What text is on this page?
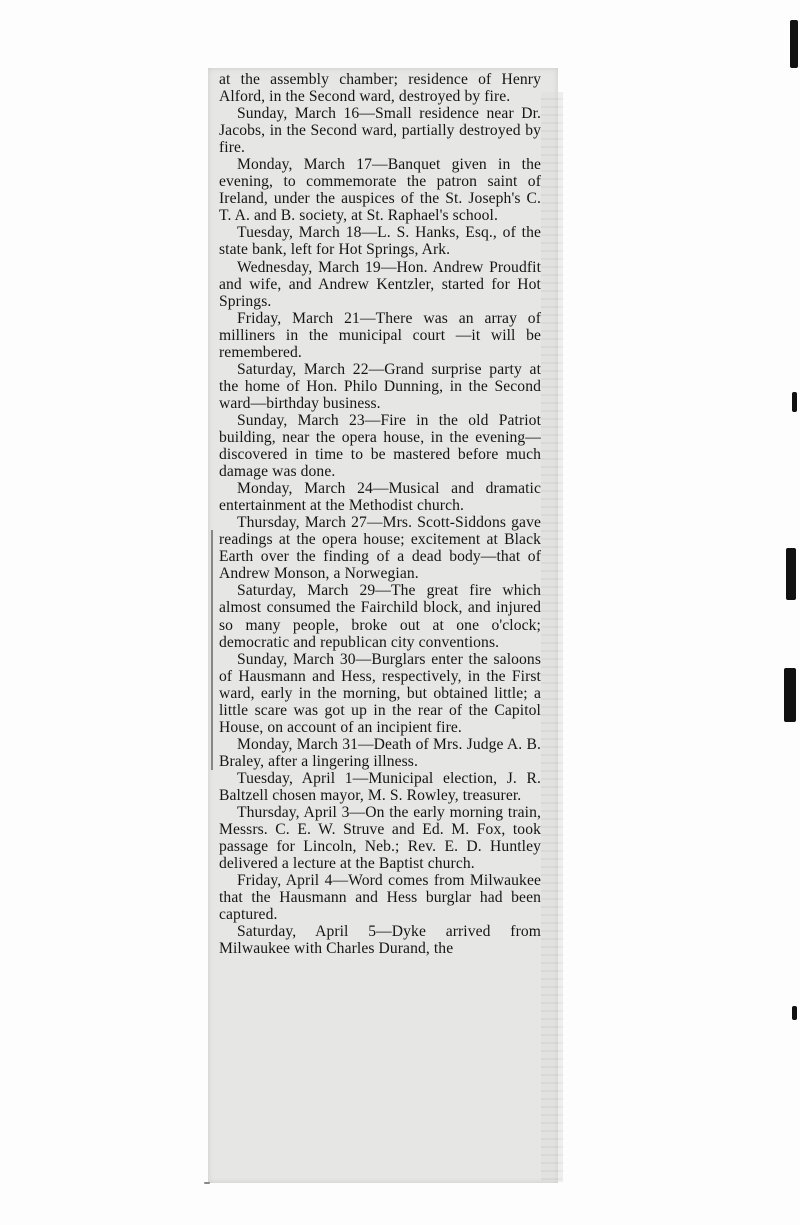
at the assembly chamber; residence of Henry Alford, in the Second ward, destroyed by fire.

Sunday, March 16—Small residence near Dr. Jacobs, in the Second ward, partially destroyed by fire.

Monday, March 17—Banquet given in the evening, to commemorate the patron saint of Ireland, under the auspices of the St. Joseph's C. T. A. and B. society, at St. Raphael's school.

Tuesday, March 18—L. S. Hanks, Esq., of the state bank, left for Hot Springs, Ark.

Wednesday, March 19—Hon. Andrew Proudfit and wife, and Andrew Kentzler, started for Hot Springs.

Friday, March 21—There was an array of milliners in the municipal court —it will be remembered.

Saturday, March 22—Grand surprise party at the home of Hon. Philo Dunning, in the Second ward—birthday business.

Sunday, March 23—Fire in the old Patriot building, near the opera house, in the evening—discovered in time to be mastered before much damage was done.

Monday, March 24—Musical and dramatic entertainment at the Methodist church.

Thursday, March 27—Mrs. Scott-Siddons gave readings at the opera house; excitement at Black Earth over the finding of a dead body—that of Andrew Monson, a Norwegian.

Saturday, March 29—The great fire which almost consumed the Fairchild block, and injured so many people, broke out at one o'clock; democratic and republican city conventions.

Sunday, March 30—Burglars enter the saloons of Hausmann and Hess, respectively, in the First ward, early in the morning, but obtained little; a little scare was got up in the rear of the Capitol House, on account of an incipient fire.

Monday, March 31—Death of Mrs. Judge A. B. Braley, after a lingering illness.

Tuesday, April 1—Municipal election, J. R. Baltzell chosen mayor, M. S. Rowley, treasurer.

Thursday, April 3—On the early morning train, Messrs. C. E. W. Struve and Ed. M. Fox, took passage for Lincoln, Neb.; Rev. E. D. Huntley delivered a lecture at the Baptist church.

Friday, April 4—Word comes from Milwaukee that the Hausmann and Hess burglar had been captured.

Saturday, April 5—Dyke arrived from Milwaukee with Charles Durand, the
